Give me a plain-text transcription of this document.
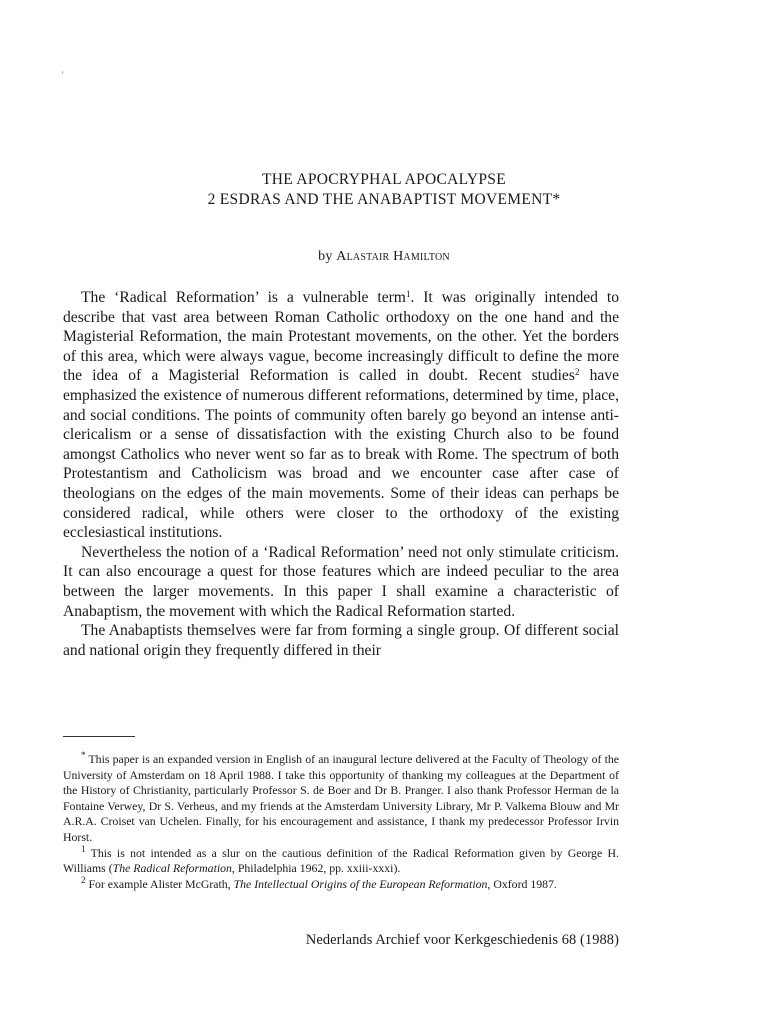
'
THE APOCRYPHAL APOCALYPSE
2 ESDRAS AND THE ANABAPTIST MOVEMENT*
by Alastair Hamilton

The ‘Radical Reformation’ is a vulnerable term$^1$. It was originally intended to describe that vast area between Roman Catholic orthodoxy on the one hand and the Magisterial Reformation, the main Protestant movements, on the other. Yet the borders of this area, which were always vague, become increasingly difficult to define the more the idea of a Magisterial Reformation is called in doubt. Recent studies$^2$ have emphasized the existence of numerous different reformations, determined by time, place, and social conditions. The points of community often barely go beyond an intense anti-clericalism or a sense of dissatisfaction with the existing Church also to be found amongst Catholics who never went so far as to break with Rome. The spectrum of both Protestantism and Catholicism was broad and we encounter case after case of theologians on the edges of the main movements. Some of their ideas can perhaps be considered radical, while others were closer to the orthodoxy of the existing ecclesiastical institutions.

Nevertheless the notion of a ‘Radical Reformation’ need not only stimulate criticism. It can also encourage a quest for those features which are indeed peculiar to the area between the larger movements. In this paper I shall examine a characteristic of Anabaptism, the movement with which the Radical Reformation started.

The Anabaptists themselves were far from forming a single group. Of different social and national origin they frequently differed in their

* This paper is an expanded version in English of an inaugural lecture delivered at the Faculty of Theology of the University of Amsterdam on 18 April 1988. I take this opportunity of thanking my colleagues at the Department of the History of Christianity, particularly Professor S. de Boer and Dr B. Pranger. I also thank Professor Herman de la Fontaine Verwey, Dr S. Verheus, and my friends at the Amsterdam University Library, Mr P. Valkema Blouw and Mr A.R.A. Croiset van Uchelen. Finally, for his encouragement and assistance, I thank my predecessor Professor Irvin Horst.

$^1$ This is not intended as a slur on the cautious definition of the Radical Reformation given by George H. Williams (The Radical Reformation, Philadelphia 1962, pp. xxiii-xxxi).

$^2$ For example Alister McGrath, The Intellectual Origins of the European Reformation, Oxford 1987.

Nederlands Archief voor Kerkgeschiedenis 68 (1988)
